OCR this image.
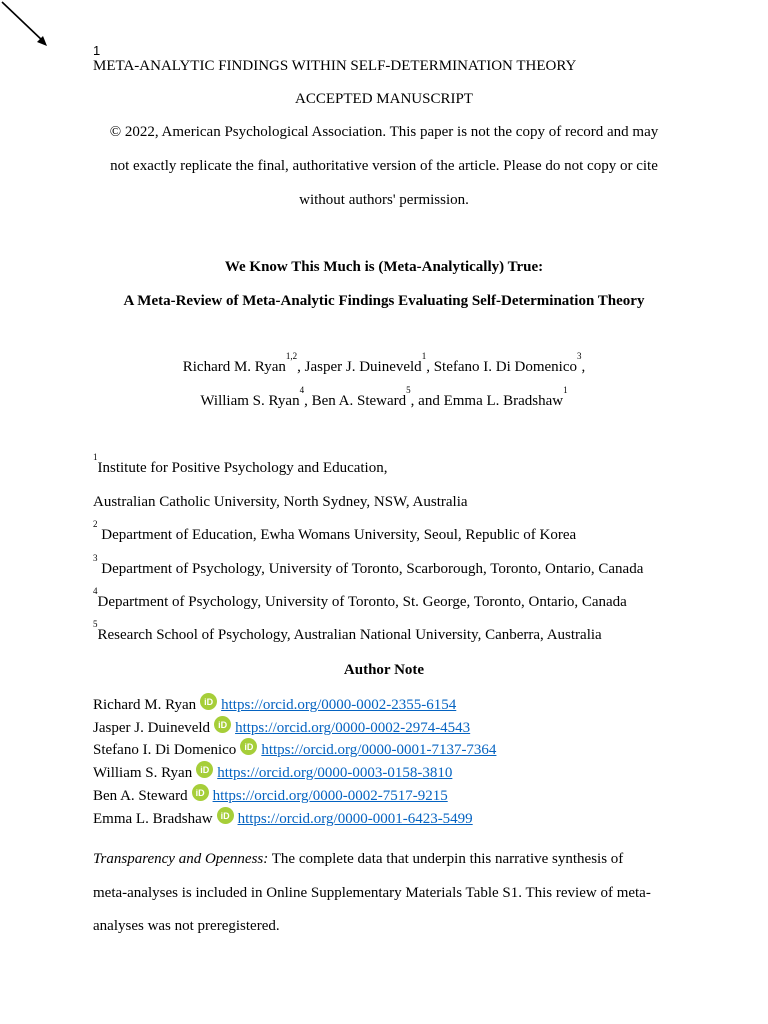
1
META-ANALYTIC FINDINGS WITHIN SELF-DETERMINATION THEORY
ACCEPTED MANUSCRIPT
© 2022, American Psychological Association. This paper is not the copy of record and may
not exactly replicate the final, authoritative version of the article. Please do not copy or cite
without authors' permission.
We Know This Much is (Meta-Analytically) True:
A Meta-Review of Meta-Analytic Findings Evaluating Self-Determination Theory
Richard M. Ryan$^{1,2}$, Jasper J. Duineveld$^1$, Stefano I. Di Domenico$^3$,
William S. Ryan$^4$, Ben A. Steward$^5$, and Emma L. Bradshaw$^1$
$^1$Institute for Positive Psychology and Education,
Australian Catholic University, North Sydney, NSW, Australia
$^2$ Department of Education, Ewha Womans University, Seoul, Republic of Korea
$^3$ Department of Psychology, University of Toronto, Scarborough, Toronto, Ontario, Canada
$^4$Department of Psychology, University of Toronto, St. George, Toronto, Ontario, Canada
$^5$Research School of Psychology, Australian National University, Canberra, Australia
Author Note
Richard M. Ryan iD https://orcid.org/0000-0002-2355-6154
Jasper J. Duineveld iD https://orcid.org/0000-0002-2974-4543
Stefano I. Di Domenico iD https://orcid.org/0000-0001-7137-7364
William S. Ryan iD https://orcid.org/0000-0003-0158-3810
Ben A. Steward iD https://orcid.org/0000-0002-7517-9215
Emma L. Bradshaw iD https://orcid.org/0000-0001-6423-5499
Transparency and Openness: The complete data that underpin this narrative synthesis of
meta-analyses is included in Online Supplementary Materials Table S1. This review of meta-
analyses was not preregistered.
